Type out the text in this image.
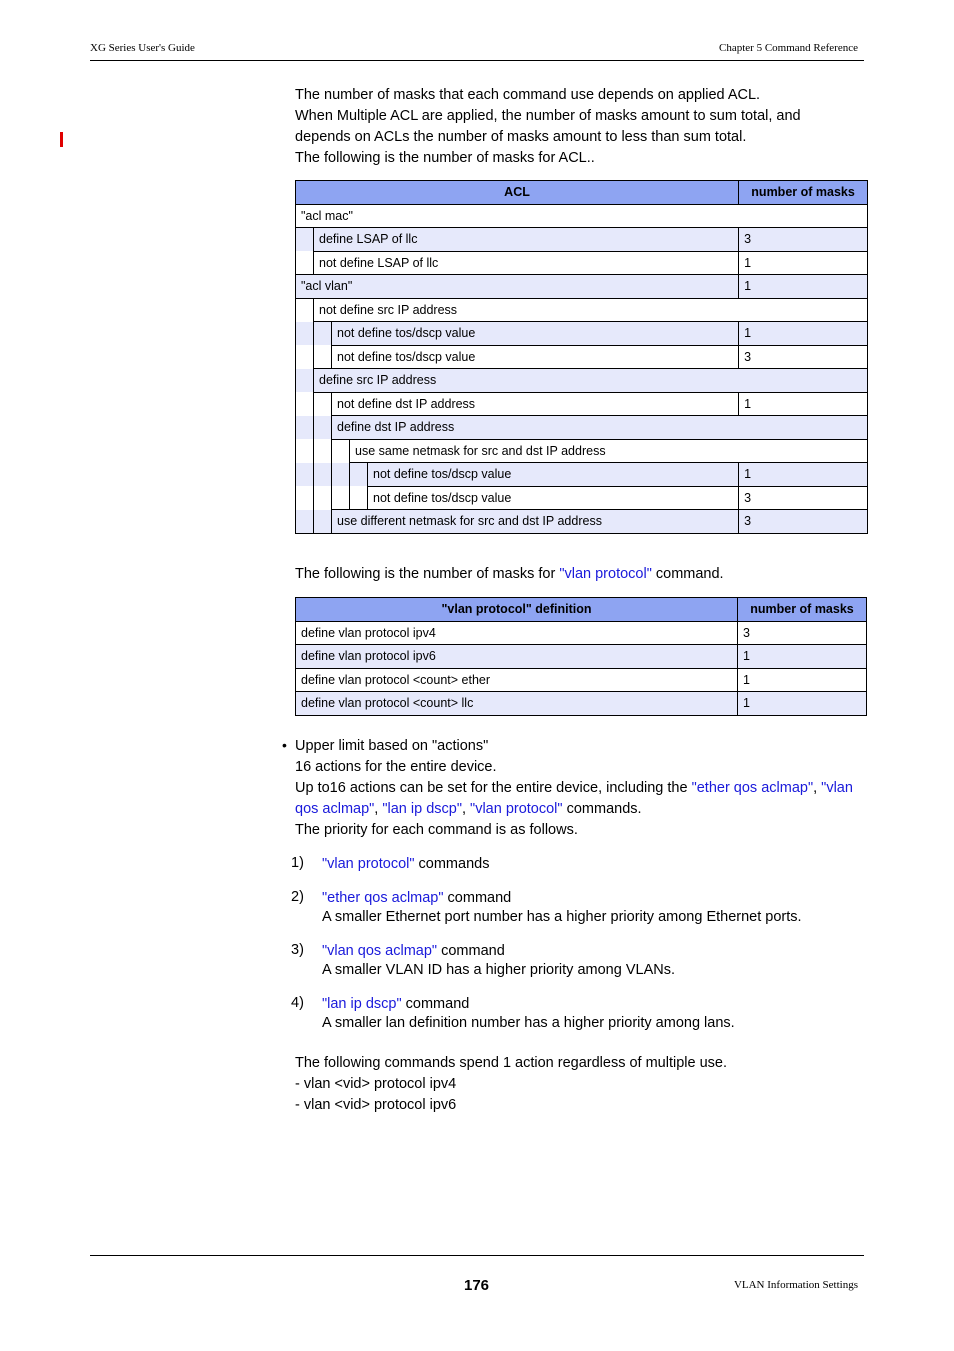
XG Series User's Guide	Chapter 5 Command Reference

The number of masks that each command use depends on applied ACL.
When Multiple ACL are applied, the number of masks amount to sum total, and
depends on ACLs the number of masks amount to less than sum total.
The following is the number of masks for ACL..

ACL					number of masks
"acl mac"					
	define LSAP of llc				3
	not define LSAP of llc				1
"acl vlan"					1
	not define src IP address				
		not define tos/dscp value			1
		not define tos/dscp value			3
	define src IP address				
		not define dst IP address			1
		define dst IP address			
			use same netmask for src and dst IP address		
				not define tos/dscp value	1
				not define tos/dscp value	3
		use different netmask for src and dst IP address			3

The following is the number of masks for "vlan protocol" command.

"vlan protocol" definition	number of masks
define vlan protocol ipv4	3
define vlan protocol ipv6	1
define vlan protocol <count> ether	1
define vlan protocol <count> llc	1
• Upper limit based on "actions"
16 actions for the entire device.
Up to16 actions can be set for the entire device, including the "ether qos aclmap", "vlan
qos aclmap", "lan ip dscp", "vlan protocol" commands.
The priority for each command is as follows.

1) "vlan protocol" commands
2) "ether qos aclmap" command
A smaller Ethernet port number has a higher priority among Ethernet ports.
3) "vlan qos aclmap" command
A smaller VLAN ID has a higher priority among VLANs.
4) "lan ip dscp" command
A smaller lan definition number has a higher priority among lans.

The following commands spend 1 action regardless of multiple use.
- vlan <vid> protocol ipv4
- vlan <vid> protocol ipv6

176	VLAN Information Settings
